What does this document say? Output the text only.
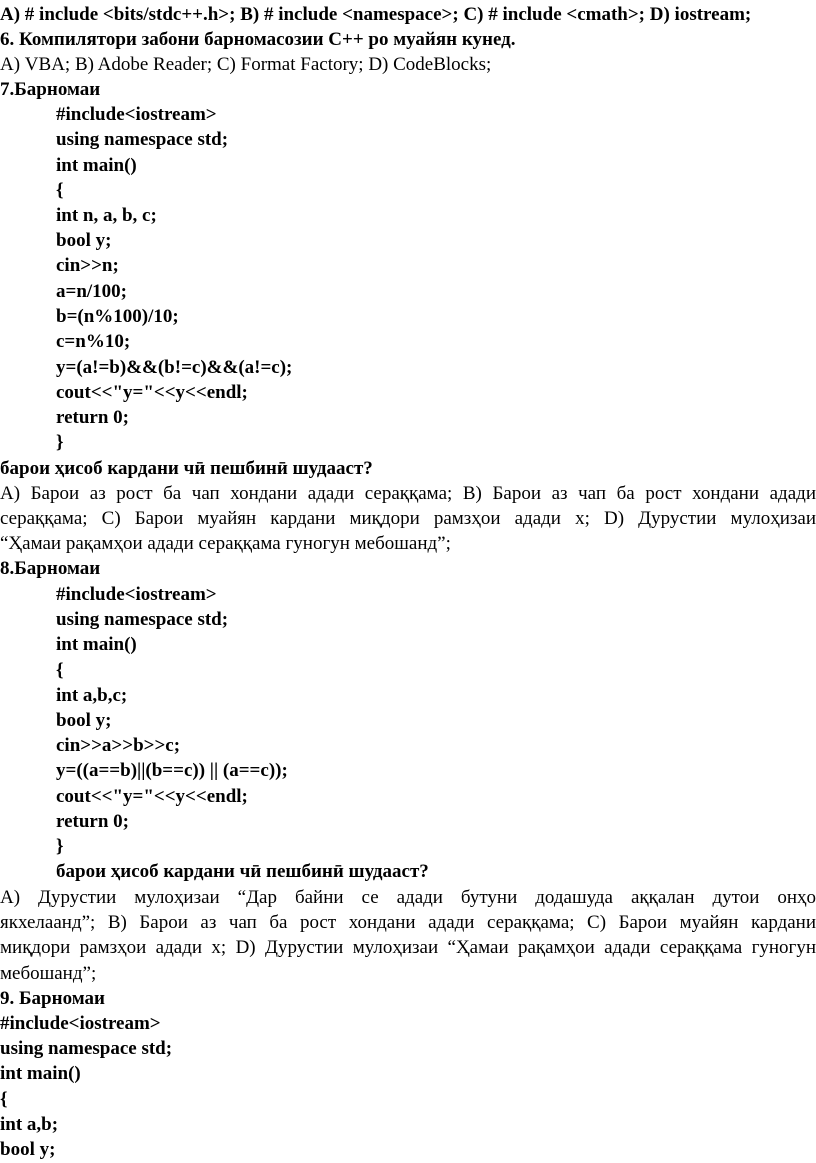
А) # include <bits/stdc++.h>; B) # include <namespace>; C) # include <cmath>; D) iostream;
6. Компилятори забони барномасозии С++ ро муайян кунед.
А) VBA; B) Adobe Reader; C) Format Factory; D) CodeBlocks;
7.Барномаи
#include<iostream>
using namespace std;
int main()
{
int n, a, b, c;
bool y;
cin>>n;
a=n/100;
b=(n%100)/10;
c=n%10;
y=(a!=b)&&(b!=c)&&(a!=c);
cout<<"y="<<y<<endl;
return 0;
}
барои ҳисоб кардани чӣ пешбинӣ шудааст?
А) Барои аз рост ба чап хондани адади сераққама; B) Барои аз чап ба рост хондани адади
сераққама; C) Барои муайян кардани миқдори рамзҳои адади х; D) Дурустии мулоҳизаи
“Ҳамаи рақамҳои адади сераққама гуногун мебошанд”;
8.Барномаи
#include<iostream>
using namespace std;
int main()
{
int a,b,c;
bool y;
cin>>a>>b>>c;
y=((a==b)||(b==c)) || (a==c));
cout<<"y="<<y<<endl;
return 0;
}
барои ҳисоб кардани чӣ пешбинӣ шудааст?
А) Дурустии мулоҳизаи “Дар байни се адади бутуни додашуда аққалан дутои онҳо
якхелаанд”; B) Барои аз чап ба рост хондани адади сераққама; C) Барои муайян кардани
миқдори рамзҳои адади х; D) Дурустии мулоҳизаи “Ҳамаи рақамҳои адади сераққама гуногун
мебошанд”;
9. Барномаи
#include<iostream>
using namespace std;
int main()
{
int a,b;
bool y;
